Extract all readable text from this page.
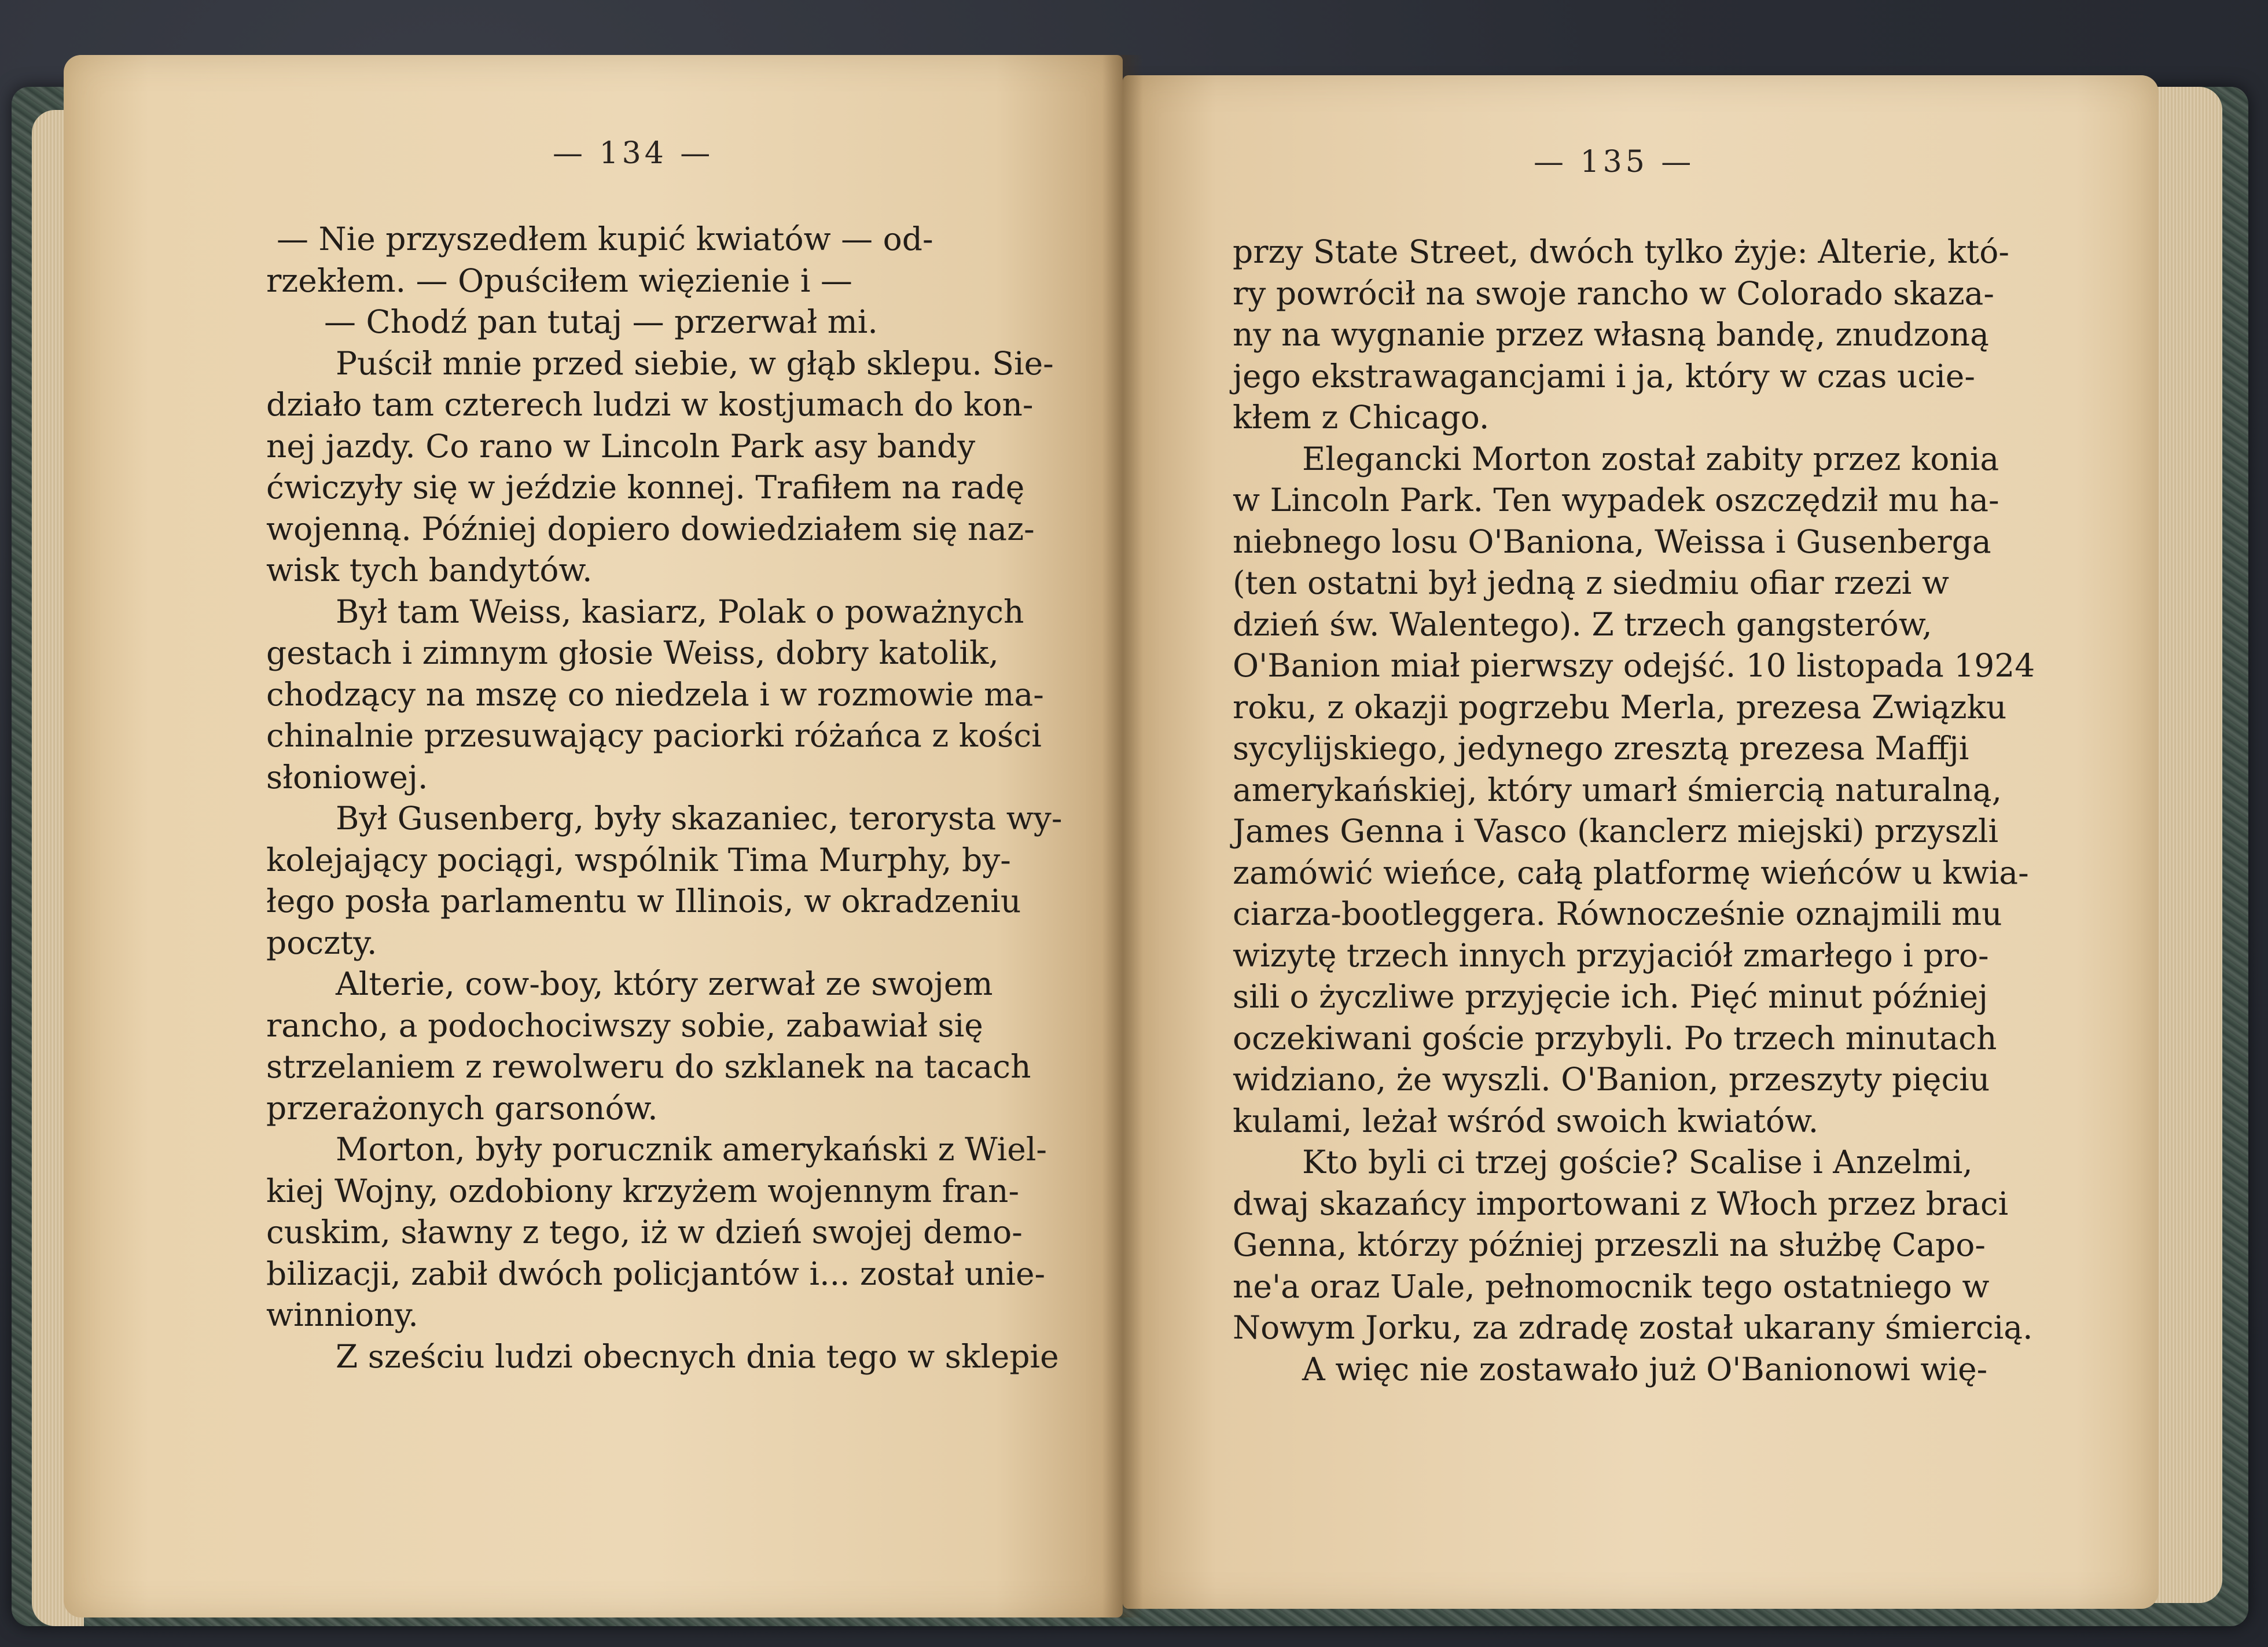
— 134 —	— 135 —
— Nie przyszedłem kupić kwiatów — od-
rzekłem. — Opuściłem więzienie i —
— Chodź pan tutaj — przerwał mi.
Puścił mnie przed siebie, w głąb sklepu. Sie-
działo tam czterech ludzi w kostjumach do kon-
nej jazdy. Co rano w Lincoln Park asy bandy
ćwiczyły się w jeździe konnej. Trafiłem na radę
wojenną. Później dopiero dowiedziałem się naz-
wisk tych bandytów.
Był tam Weiss, kasiarz, Polak o poważnych
gestach i zimnym głosie Weiss, dobry katolik,
chodzący na mszę co niedzela i w rozmowie ma-
chinalnie przesuwający paciorki różańca z kości
słoniowej.
Był Gusenberg, były skazaniec, terorysta wy-
kolejający pociągi, wspólnik Tima Murphy, by-
łego posła parlamentu w Illinois, w okradzeniu
poczty.
Alterie, cow-boy, który zerwał ze swojem
rancho, a podochociwszy sobie, zabawiał się
strzelaniem z rewolweru do szklanek na tacach
przerażonych garsonów.
Morton, były porucznik amerykański z Wiel-
kiej Wojny, ozdobiony krzyżem wojennym fran-
cuskim, sławny z tego, iż w dzień swojej demo-
bilizacji, zabił dwóch policjantów i... został unie-
winniony.
Z sześciu ludzi obecnych dnia tego w sklepie
przy State Street, dwóch tylko żyje: Alterie, któ-
ry powrócił na swoje rancho w Colorado skaza-
ny na wygnanie przez własną bandę, znudzoną
jego ekstrawagancjami i ja, który w czas ucie-
kłem z Chicago.
Elegancki Morton został zabity przez konia
w Lincoln Park. Ten wypadek oszczędził mu ha-
niebnego losu O'Baniona, Weissa i Gusenberga
(ten ostatni był jedną z siedmiu ofiar rzezi w
dzień św. Walentego). Z trzech gangsterów,
O'Banion miał pierwszy odejść. 10 listopada 1924
roku, z okazji pogrzebu Merla, prezesa Związku
sycylijskiego, jedynego zresztą prezesa Maffji
amerykańskiej, który umarł śmiercią naturalną,
James Genna i Vasco (kanclerz miejski) przyszli
zamówić wieńce, całą platformę wieńców u kwia-
ciarza-bootleggera. Równocześnie oznajmili mu
wizytę trzech innych przyjaciół zmarłego i pro-
sili o życzliwe przyjęcie ich. Pięć minut później
oczekiwani goście przybyli. Po trzech minutach
widziano, że wyszli. O'Banion, przeszyty pięciu
kulami, leżał wśród swoich kwiatów.
Kto byli ci trzej goście? Scalise i Anzelmi,
dwaj skazańcy importowani z Włoch przez braci
Genna, którzy później przeszli na służbę Capo-
ne'a oraz Uale, pełnomocnik tego ostatniego w
Nowym Jorku, za zdradę został ukarany śmiercią.
A więc nie zostawało już O'Banionowi wię-
